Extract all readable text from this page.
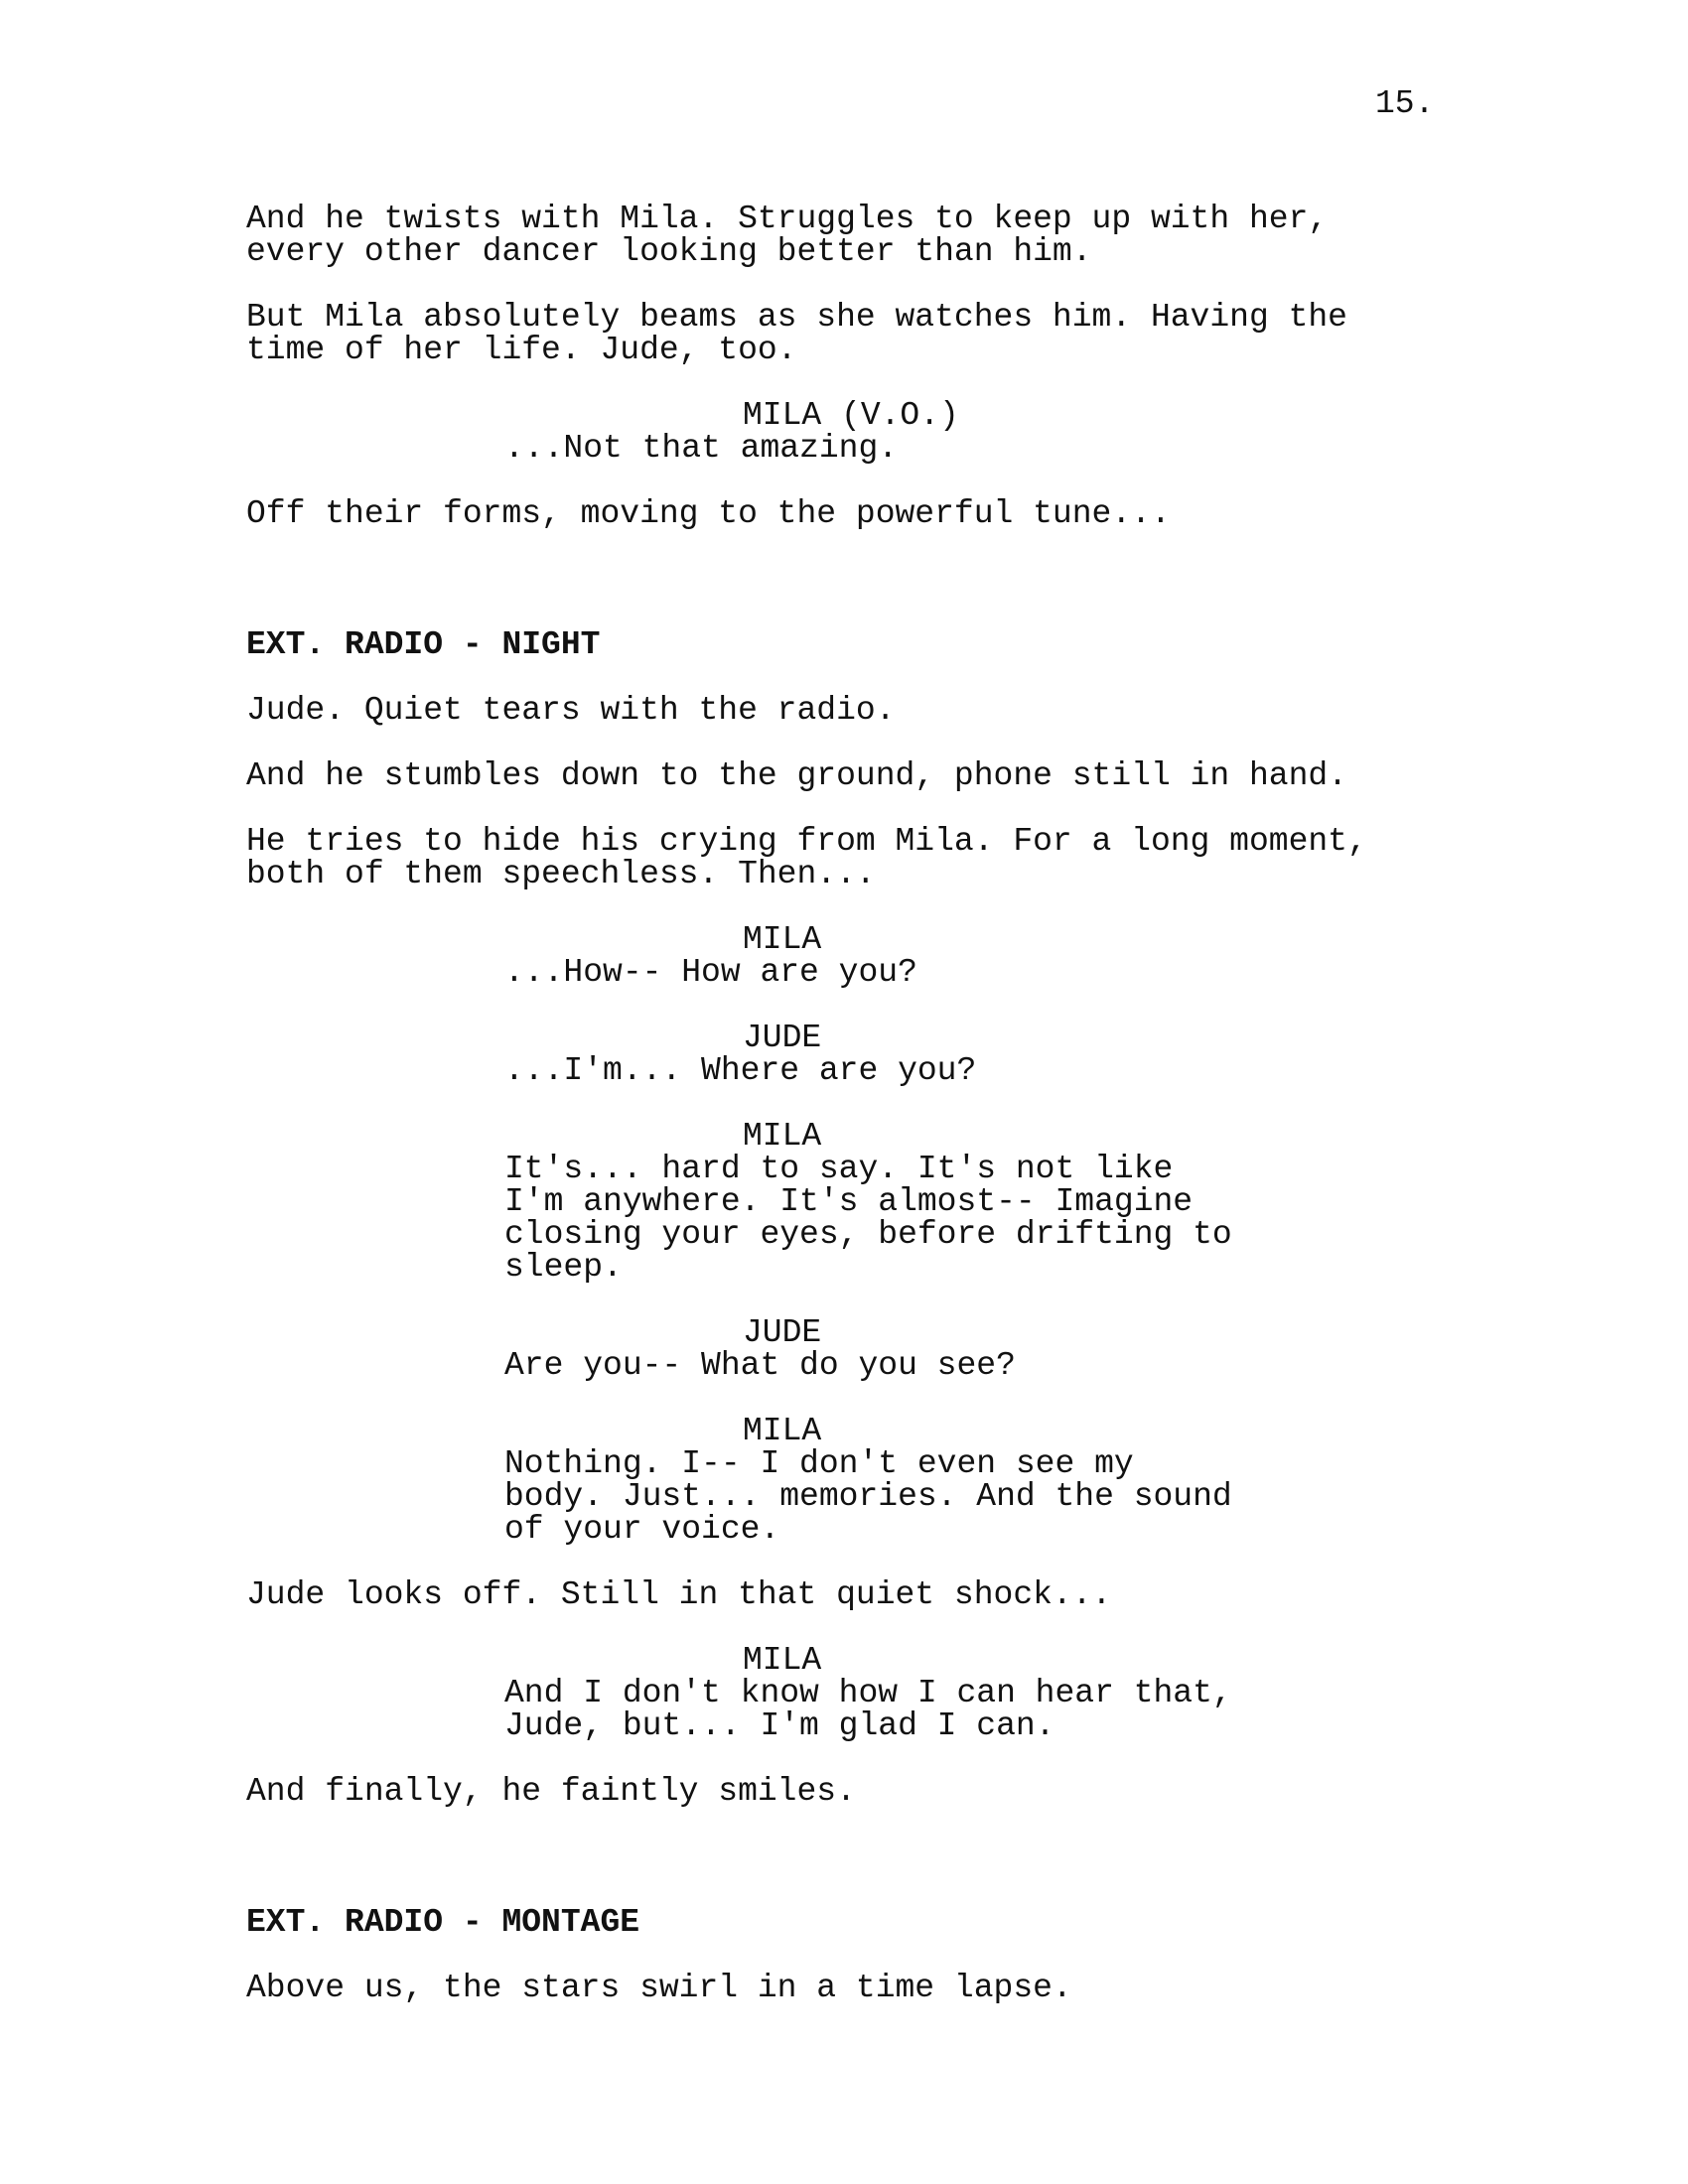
15.
And he twists with Mila. Struggles to keep up with her,
every other dancer looking better than him.
But Mila absolutely beams as she watches him. Having the
time of her life. Jude, too.
MILA (V.O.)
...Not that amazing.
Off their forms, moving to the powerful tune...
EXT. RADIO - NIGHT
Jude. Quiet tears with the radio.
And he stumbles down to the ground, phone still in hand.
He tries to hide his crying from Mila. For a long moment,
both of them speechless. Then...
MILA
...How-- How are you?
JUDE
...I'm... Where are you?
MILA
It's... hard to say. It's not like
I'm anywhere. It's almost-- Imagine
closing your eyes, before drifting to
sleep.
JUDE
Are you-- What do you see?
MILA
Nothing. I-- I don't even see my
body. Just... memories. And the sound
of your voice.
Jude looks off. Still in that quiet shock...
MILA
And I don't know how I can hear that,
Jude, but... I'm glad I can.
And finally, he faintly smiles.
EXT. RADIO - MONTAGE
Above us, the stars swirl in a time lapse.
